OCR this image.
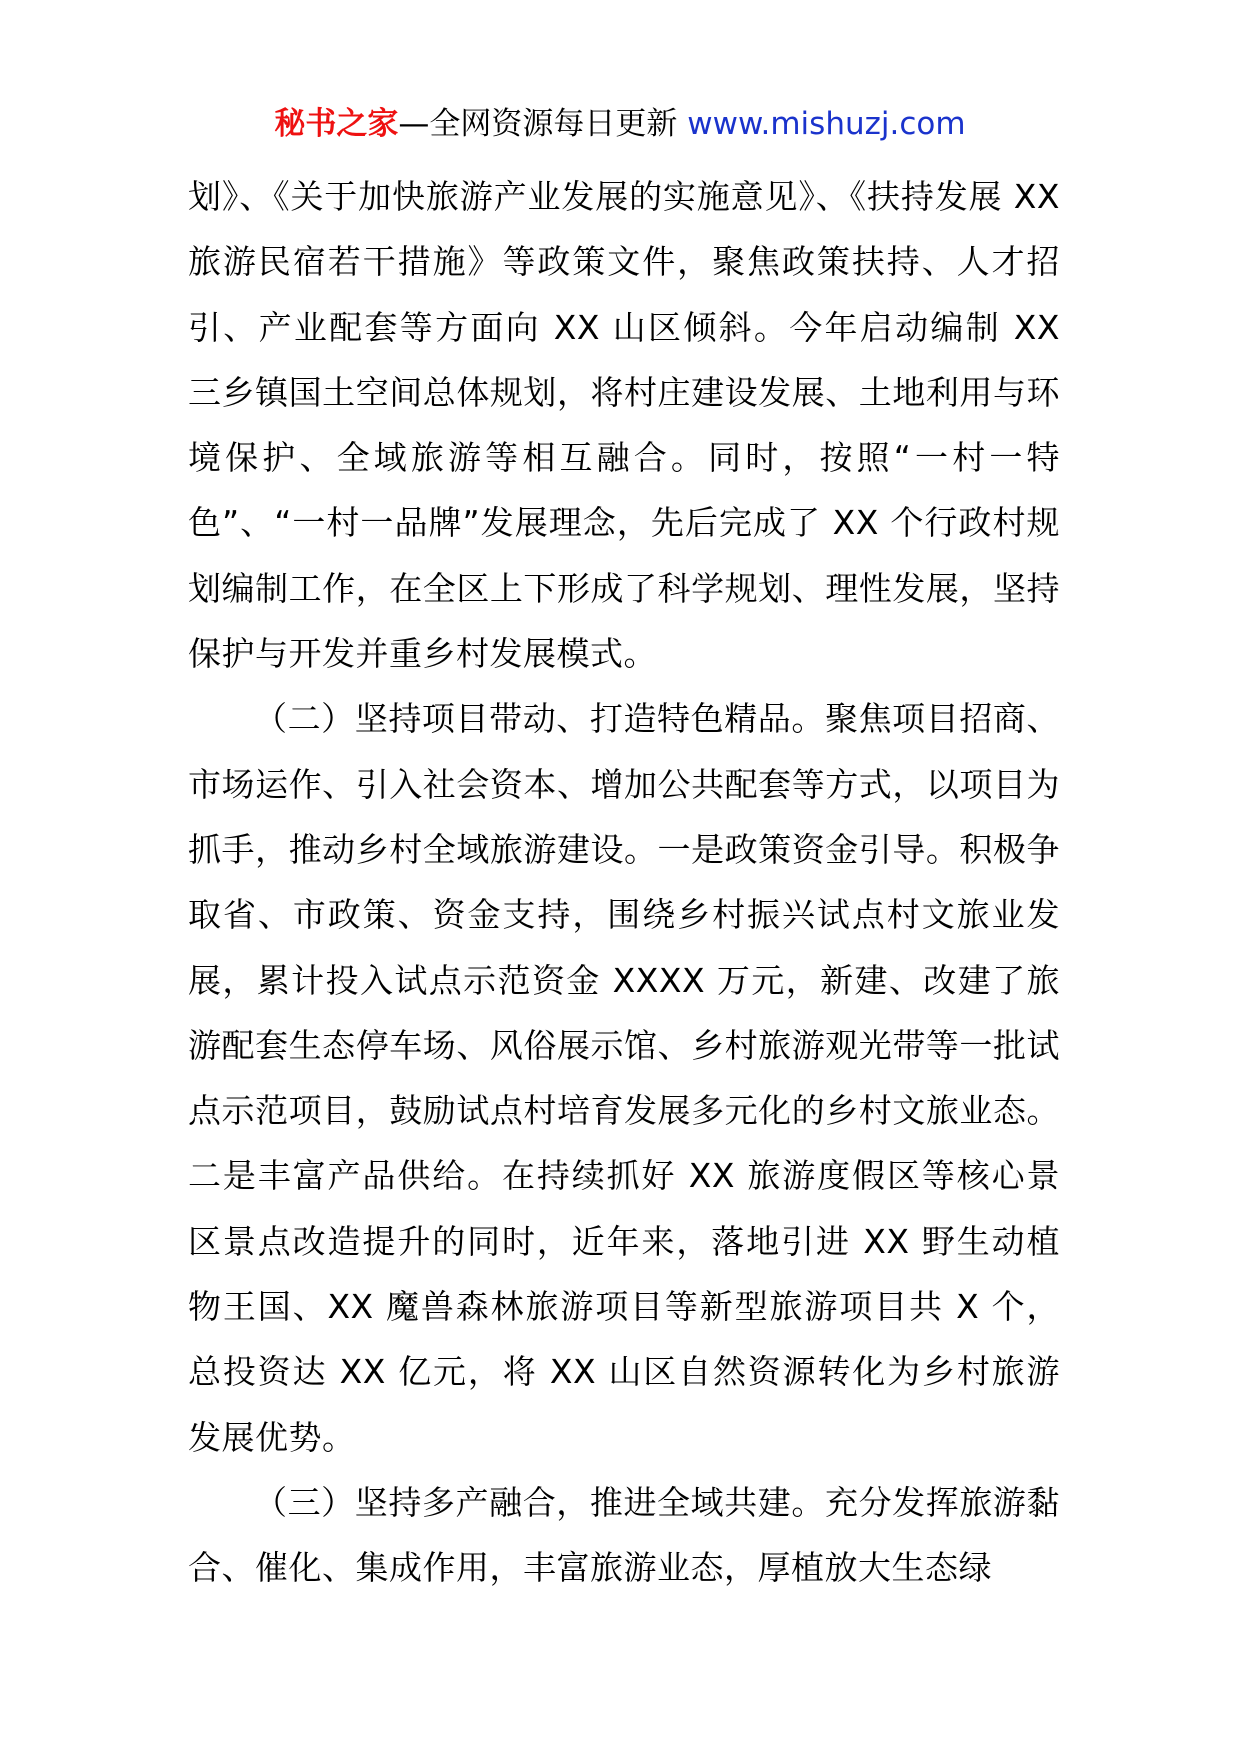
秘书之家—全网资源每日更新 www.mishuzj.com

划》、《关于加快旅游产业发展的实施意见》、《扶持发展 XX 旅游民宿若干措施》等政策文件，聚焦政策扶持、人才招引、产业配套等方面向 XX 山区倾斜。今年启动编制 XX 三乡镇国土空间总体规划，将村庄建设发展、土地利用与环境保护、全域旅游等相互融合。同时，按照“一村一特色”、“一村一品牌”发展理念，先后完成了 XX 个行政村规划编制工作，在全区上下形成了科学规划、理性发展，坚持保护与开发并重乡村发展模式。

（二）坚持项目带动、打造特色精品。聚焦项目招商、市场运作、引入社会资本、增加公共配套等方式，以项目为抓手，推动乡村全域旅游建设。一是政策资金引导。积极争取省、市政策、资金支持，围绕乡村振兴试点村文旅业发展，累计投入试点示范资金 XXXX 万元，新建、改建了旅游配套生态停车场、风俗展示馆、乡村旅游观光带等一批试点示范项目，鼓励试点村培育发展多元化的乡村文旅业态。二是丰富产品供给。在持续抓好 XX 旅游度假区等核心景区景点改造提升的同时，近年来，落地引进 XX 野生动植物王国、XX 魔兽森林旅游项目等新型旅游项目共 X 个，总投资达 XX 亿元，将 XX 山区自然资源转化为乡村旅游发展优势。

（三）坚持多产融合，推进全域共建。充分发挥旅游黏合、催化、集成作用，丰富旅游业态，厚植放大生态绿
